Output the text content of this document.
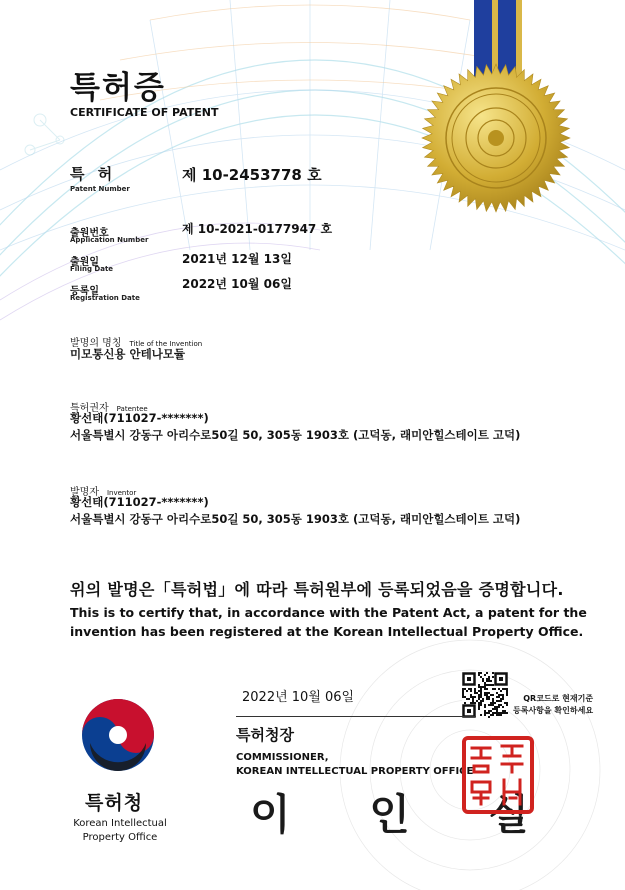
특허증
CERTIFICATE OF PATENT
특 허
Patent Number
제 10-2453778 호
출원번호
Application Number
제 10-2021-0177947 호
출원일
Filing Date
2021년 12월 13일
등록일
Registration Date
2022년 10월 06일
발명의 명칭 Title of the Invention
미모통신용 안테나모듈
특허권자 Patentee
황선태(711027-*******)
서울특별시 강동구 아리수로50길 50, 305동 1903호 (고덕동, 래미안힐스테이트 고덕)
발명자 Inventor
황선태(711027-*******)
서울특별시 강동구 아리수로50길 50, 305동 1903호 (고덕동, 래미안힐스테이트 고덕)
위의 발명은「특허법」에 따라 특허원부에 등록되었음을 증명합니다.
This is to certify that, in accordance with the Patent Act, a patent for the invention has been registered at the Korean Intellectual Property Office.
2022년 10월 06일	QR코드로 현재기준
등록사항을 확인하세요
특허청
Korean Intellectual
Property Office
특허청장
COMMISSIONER,
KOREAN INTELLECTUAL PROPERTY OFFICE
이 인 실
